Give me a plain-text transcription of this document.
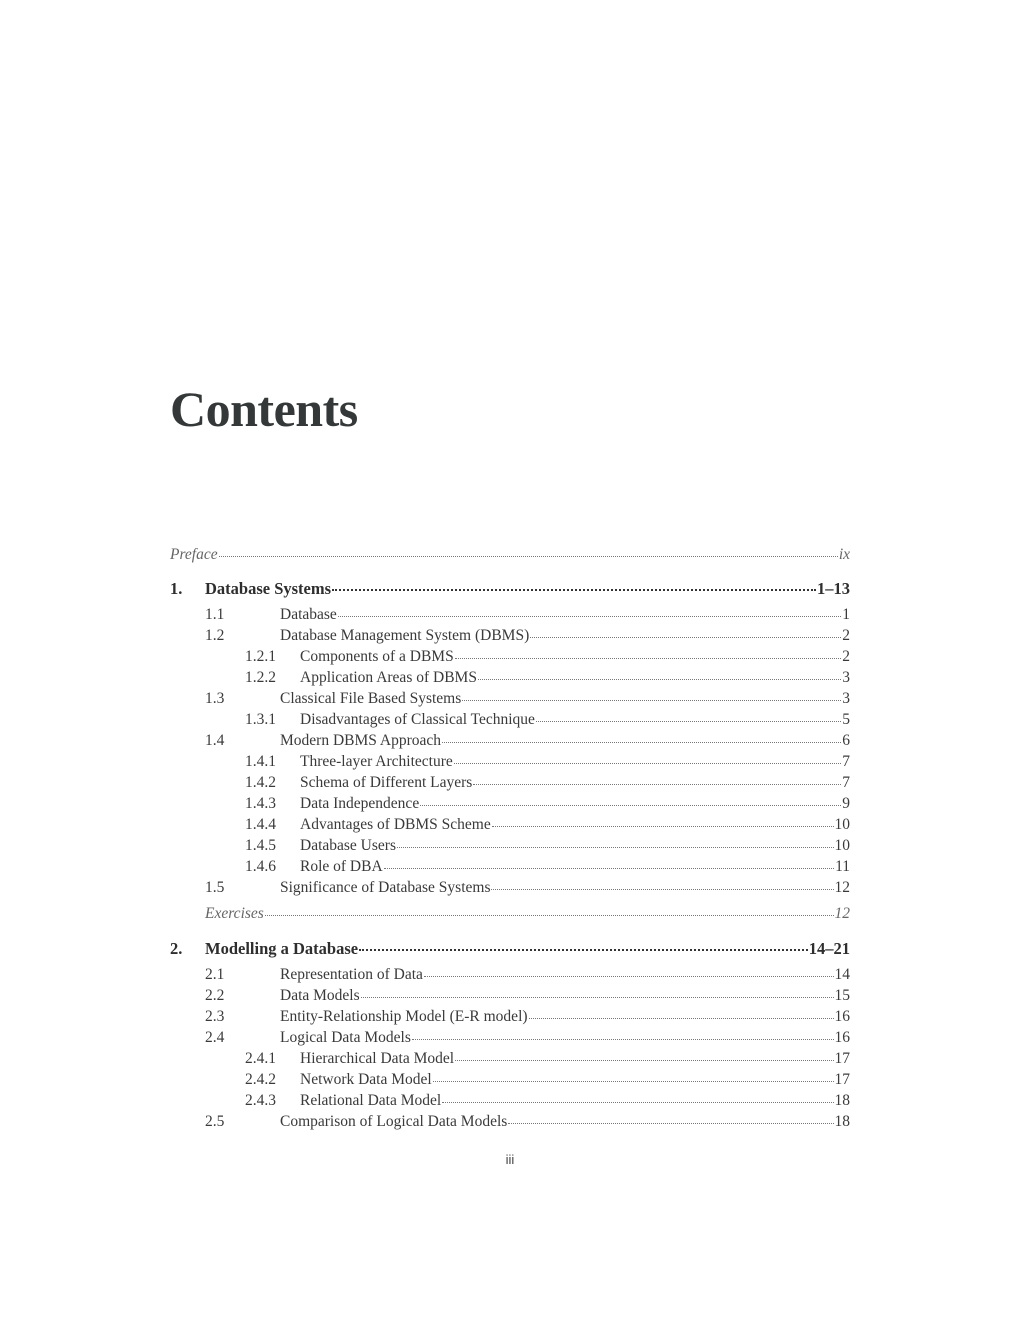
Contents
Preface	ix
1.	Database Systems	1–13
1.1	Database	1
1.2	Database Management System (DBMS)	2
1.2.1	Components of a DBMS	2
1.2.2	Application Areas of DBMS	3
1.3	Classical File Based Systems	3
1.3.1	Disadvantages of Classical Technique	5
1.4	Modern DBMS Approach	6
1.4.1	Three-layer Architecture	7
1.4.2	Schema of Different Layers	7
1.4.3	Data Independence	9
1.4.4	Advantages of DBMS Scheme	10
1.4.5	Database Users	10
1.4.6	Role of DBA	11
1.5	Significance of Database Systems	12
Exercises	12
2.	Modelling a Database	14–21
2.1	Representation of Data	14
2.2	Data Models	15
2.3	Entity-Relationship Model (E-R model)	16
2.4	Logical Data Models	16
2.4.1	Hierarchical Data Model	17
2.4.2	Network Data Model	17
2.4.3	Relational Data Model	18
2.5	Comparison of Logical Data Models	18
iii
